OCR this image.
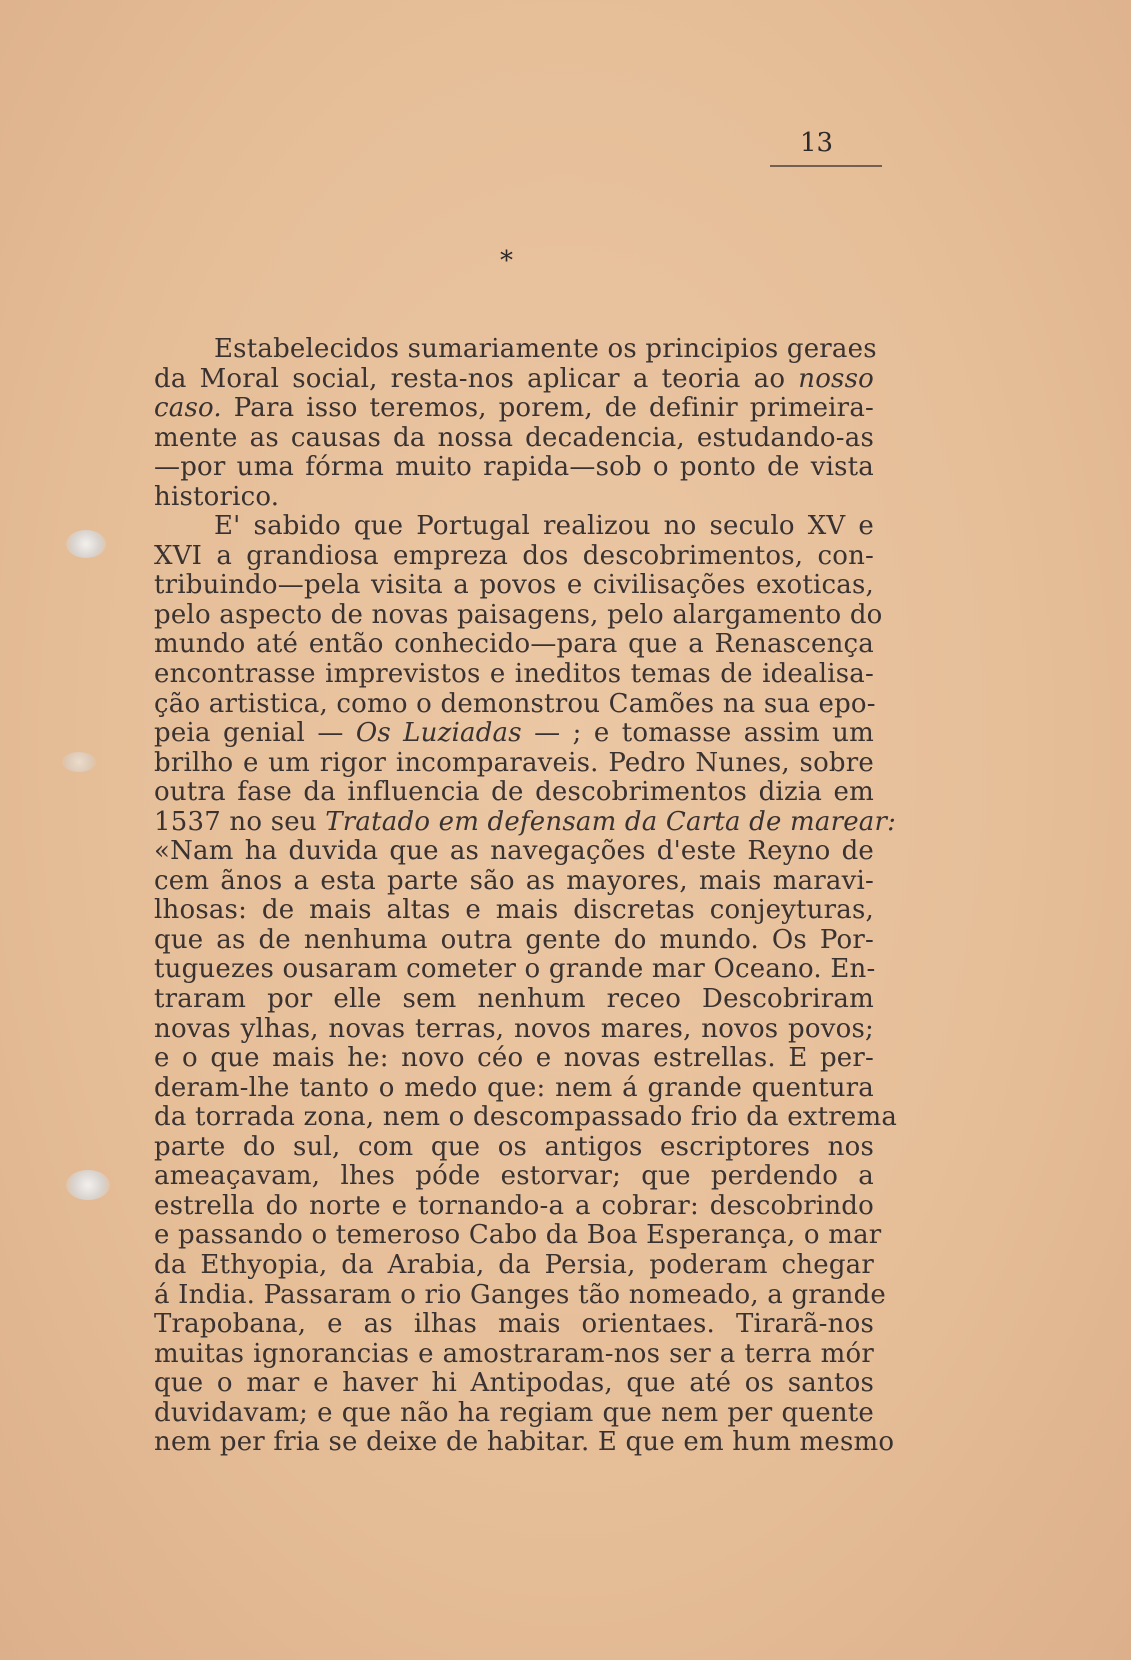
13
*
Estabelecidos sumariamente os principios geraes
da Moral social, resta-nos aplicar a teoria ao nosso
caso. Para isso teremos, porem, de definir primeira-
mente as causas da nossa decadencia, estudando-as
—por uma fórma muito rapida—sob o ponto de vista
historico.
E' sabido que Portugal realizou no seculo XV e
XVI a grandiosa empreza dos descobrimentos, con-
tribuindo—pela visita a povos e civilisações exoticas,
pelo aspecto de novas paisagens, pelo alargamento do
mundo até então conhecido—para que a Renascença
encontrasse imprevistos e ineditos temas de idealisa-
ção artistica, como o demonstrou Camões na sua epo-
peia genial — Os Luziadas — ; e tomasse assim um
brilho e um rigor incomparaveis. Pedro Nunes, sobre
outra fase da influencia de descobrimentos dizia em
1537 no seu Tratado em defensam da Carta de marear:
«Nam ha duvida que as navegações d'este Reyno de
cem ãnos a esta parte são as mayores, mais maravi-
lhosas: de mais altas e mais discretas conjeyturas,
que as de nenhuma outra gente do mundo. Os Por-
tuguezes ousaram cometer o grande mar Oceano. En-
traram por elle sem nenhum receo Descobriram
novas ylhas, novas terras, novos mares, novos povos;
e o que mais he: novo céo e novas estrellas. E per-
deram-lhe tanto o medo que: nem á grande quentura
da torrada zona, nem o descompassado frio da extrema
parte do sul, com que os antigos escriptores nos
ameaçavam, lhes póde estorvar; que perdendo a
estrella do norte e tornando-a a cobrar: descobrindo
e passando o temeroso Cabo da Boa Esperança, o mar
da Ethyopia, da Arabia, da Persia, poderam chegar
á India. Passaram o rio Ganges tão nomeado, a grande
Trapobana, e as ilhas mais orientaes. Tirarã-nos
muitas ignorancias e amostraram-nos ser a terra mór
que o mar e haver hi Antipodas, que até os santos
duvidavam; e que não ha regiam que nem per quente
nem per fria se deixe de habitar. E que em hum mesmo
